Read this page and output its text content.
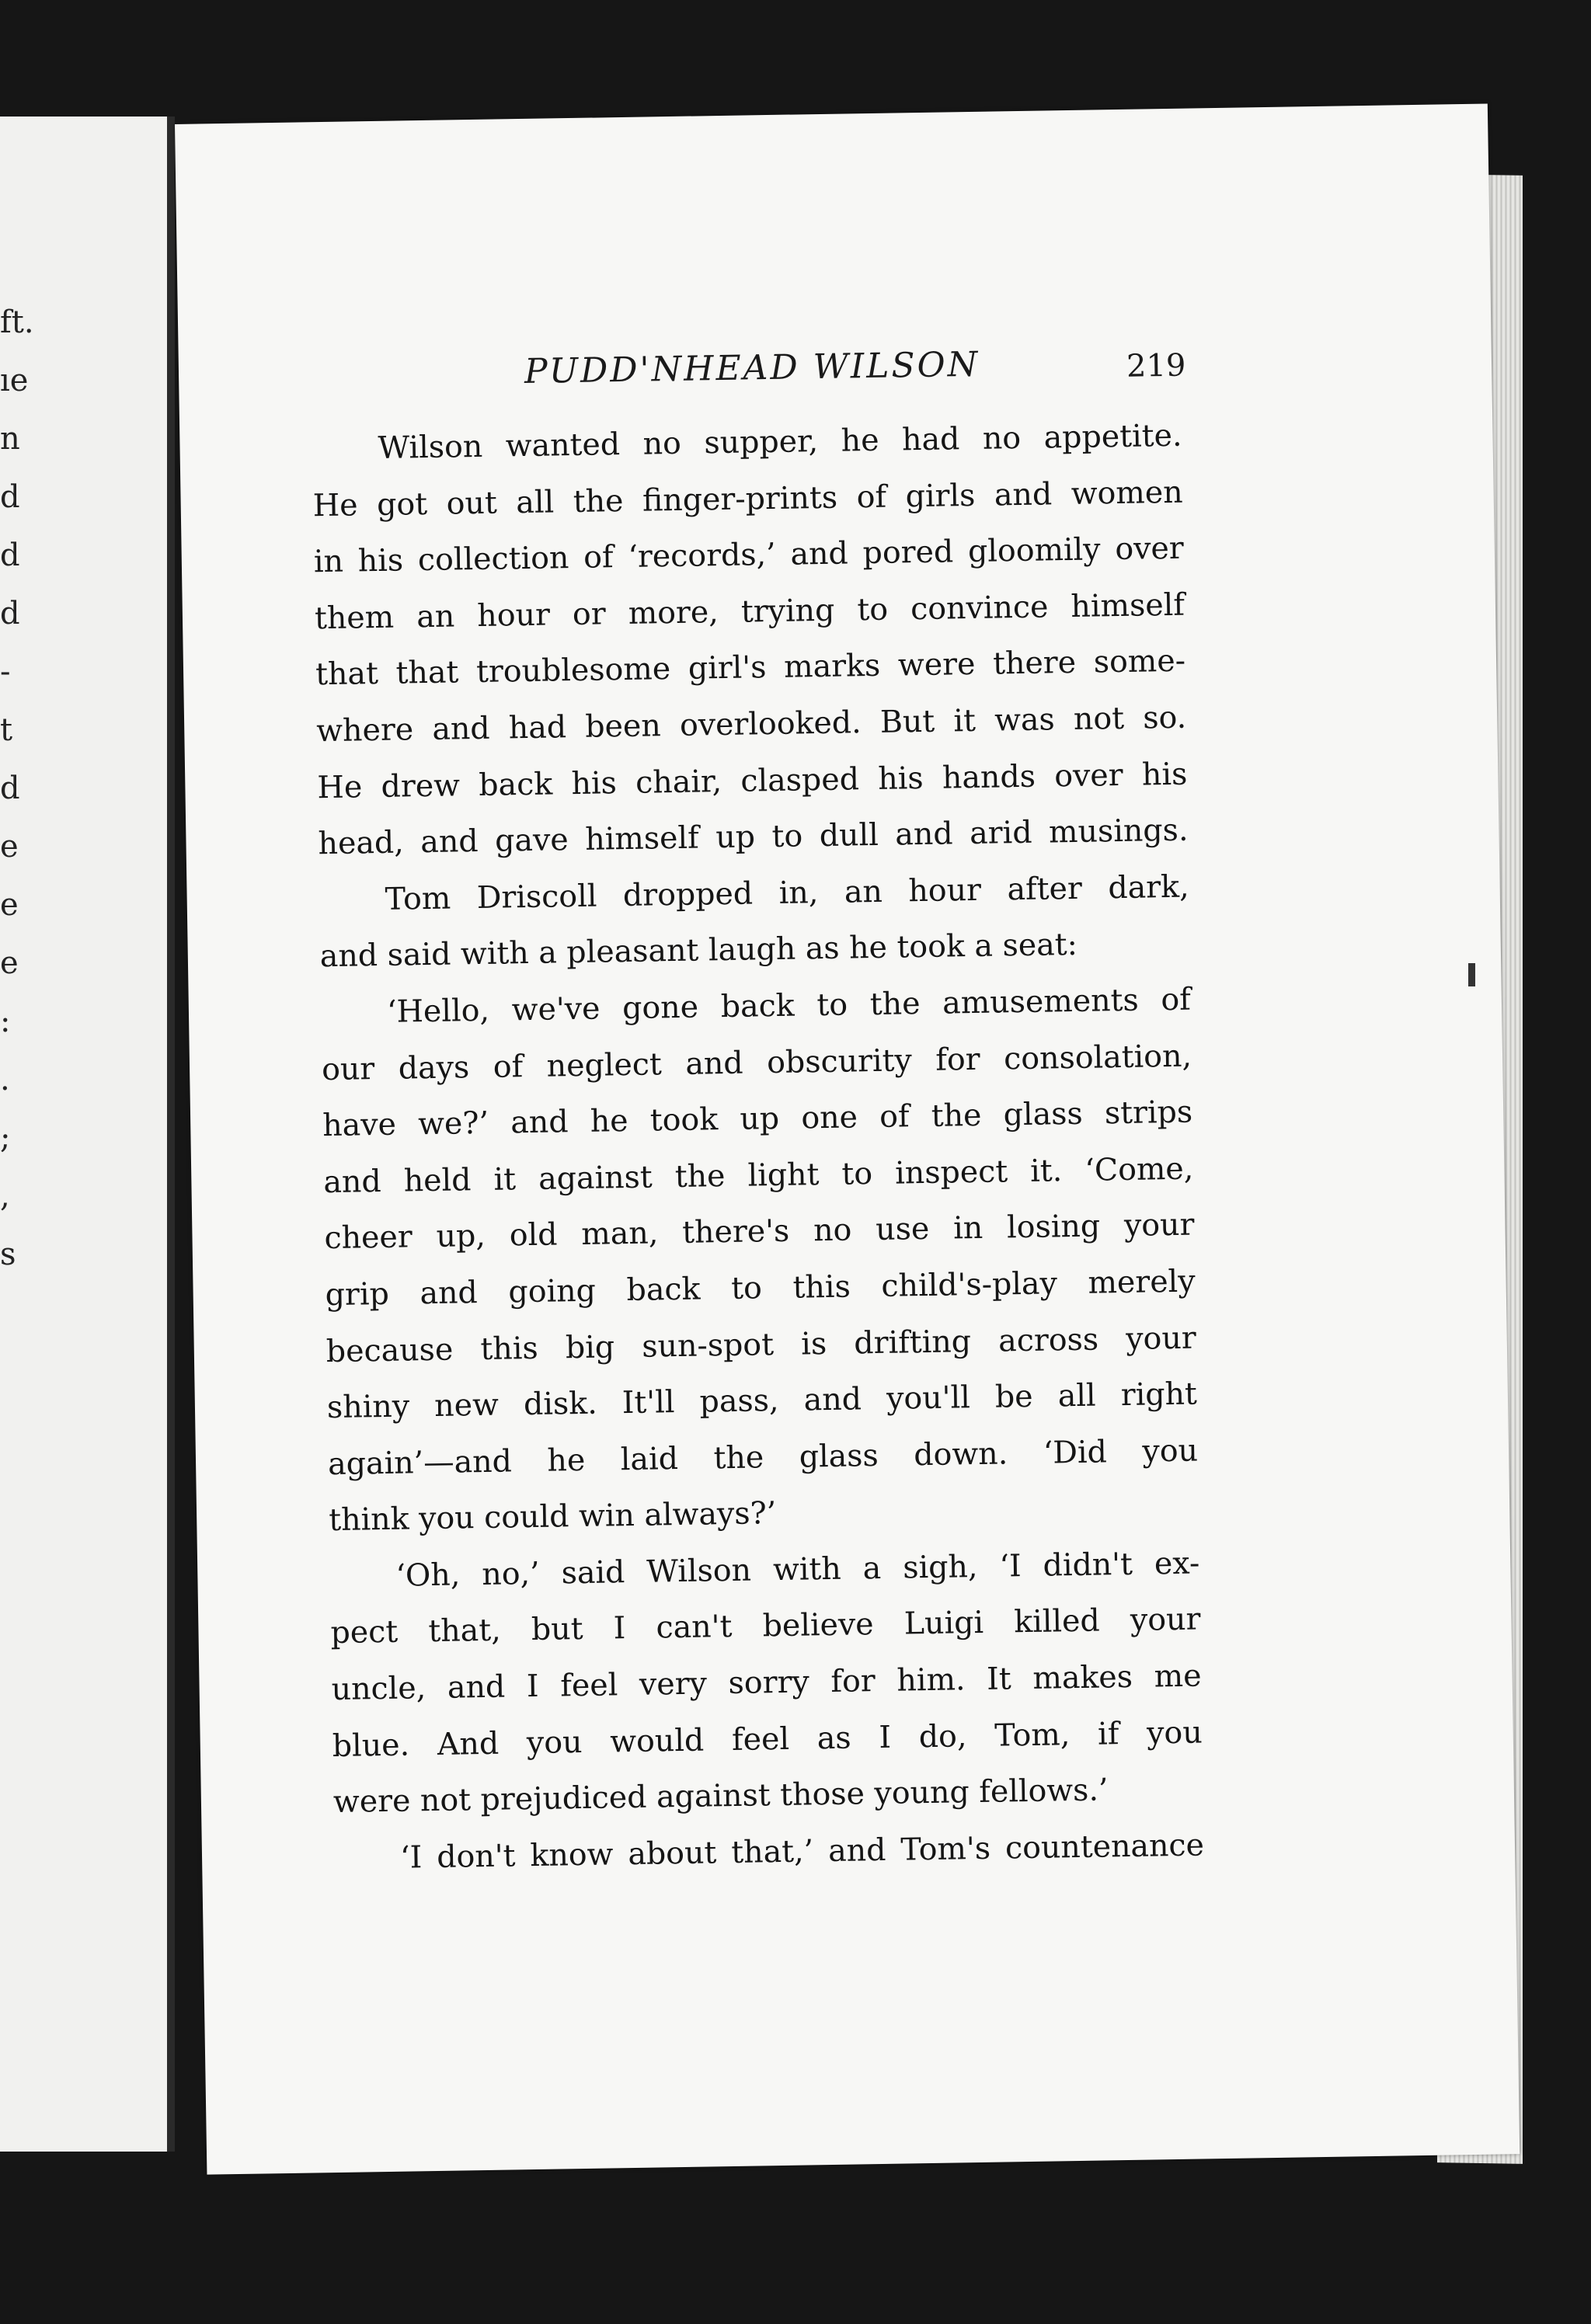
ft.
ıe
n
d
d
d
-
t
d
e
e
e
:
.
;
,
s
PUDD'NHEAD WILSON	219
Wilson wanted no supper, he had no appetite.
He got out all the finger-prints of girls and women
in his collection of ‘records,’ and pored gloomily over
them an hour or more, trying to convince himself
that that troublesome girl's marks were there some-
where and had been overlooked. But it was not so.
He drew back his chair, clasped his hands over his
head, and gave himself up to dull and arid musings.
Tom Driscoll dropped in, an hour after dark,
and said with a pleasant laugh as he took a seat:
‘Hello, we've gone back to the amusements of
our days of neglect and obscurity for consolation,
have we?’ and he took up one of the glass strips
and held it against the light to inspect it. ‘Come,
cheer up, old man, there's no use in losing your
grip and going back to this child's-play merely
because this big sun-spot is drifting across your
shiny new disk. It'll pass, and you'll be all right
again’—and he laid the glass down. ‘Did you
think you could win always?’
‘Oh, no,’ said Wilson with a sigh, ‘I didn't ex-
pect that, but I can't believe Luigi killed your
uncle, and I feel very sorry for him. It makes me
blue. And you would feel as I do, Tom, if you
were not prejudiced against those young fellows.’
‘I don't know about that,’ and Tom's countenance
